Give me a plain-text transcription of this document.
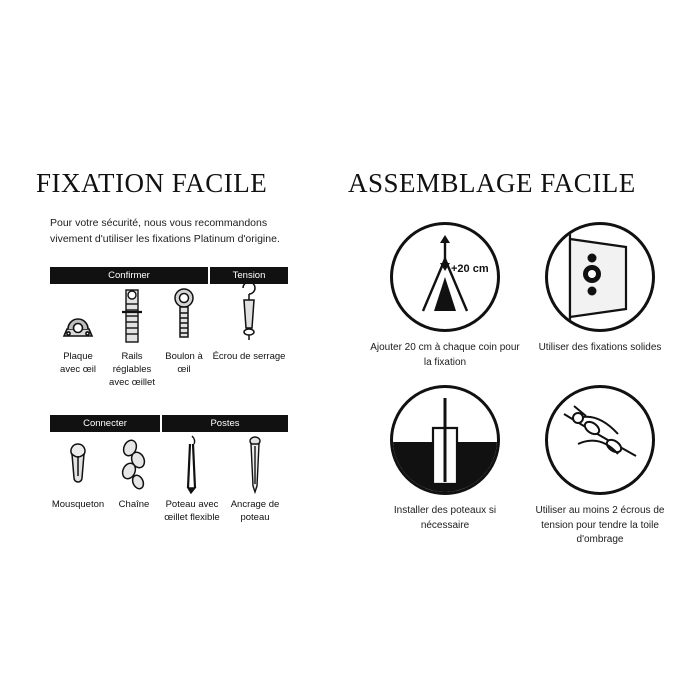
FIXATION FACILE
Pour votre sécurité, nous vous recommandons vivement d'utiliser les fixations Platinum d'origine.
Confirmer	Tension
Plaque avec œil
Rails réglables avec œillet
Boulon à œil
Écrou de serrage
Connecter	Postes
Mousqueton Chaîne	Poteau avec œillet flexible
Ancrage de poteau
ASSEMBLAGE FACILE
+20 cm
Ajouter 20 cm à chaque coin pour la fixation
Utiliser des fixations solides
Installer des poteaux si nécessaire
Utiliser au moins 2 écrous de tension pour tendre la toile d'ombrage
